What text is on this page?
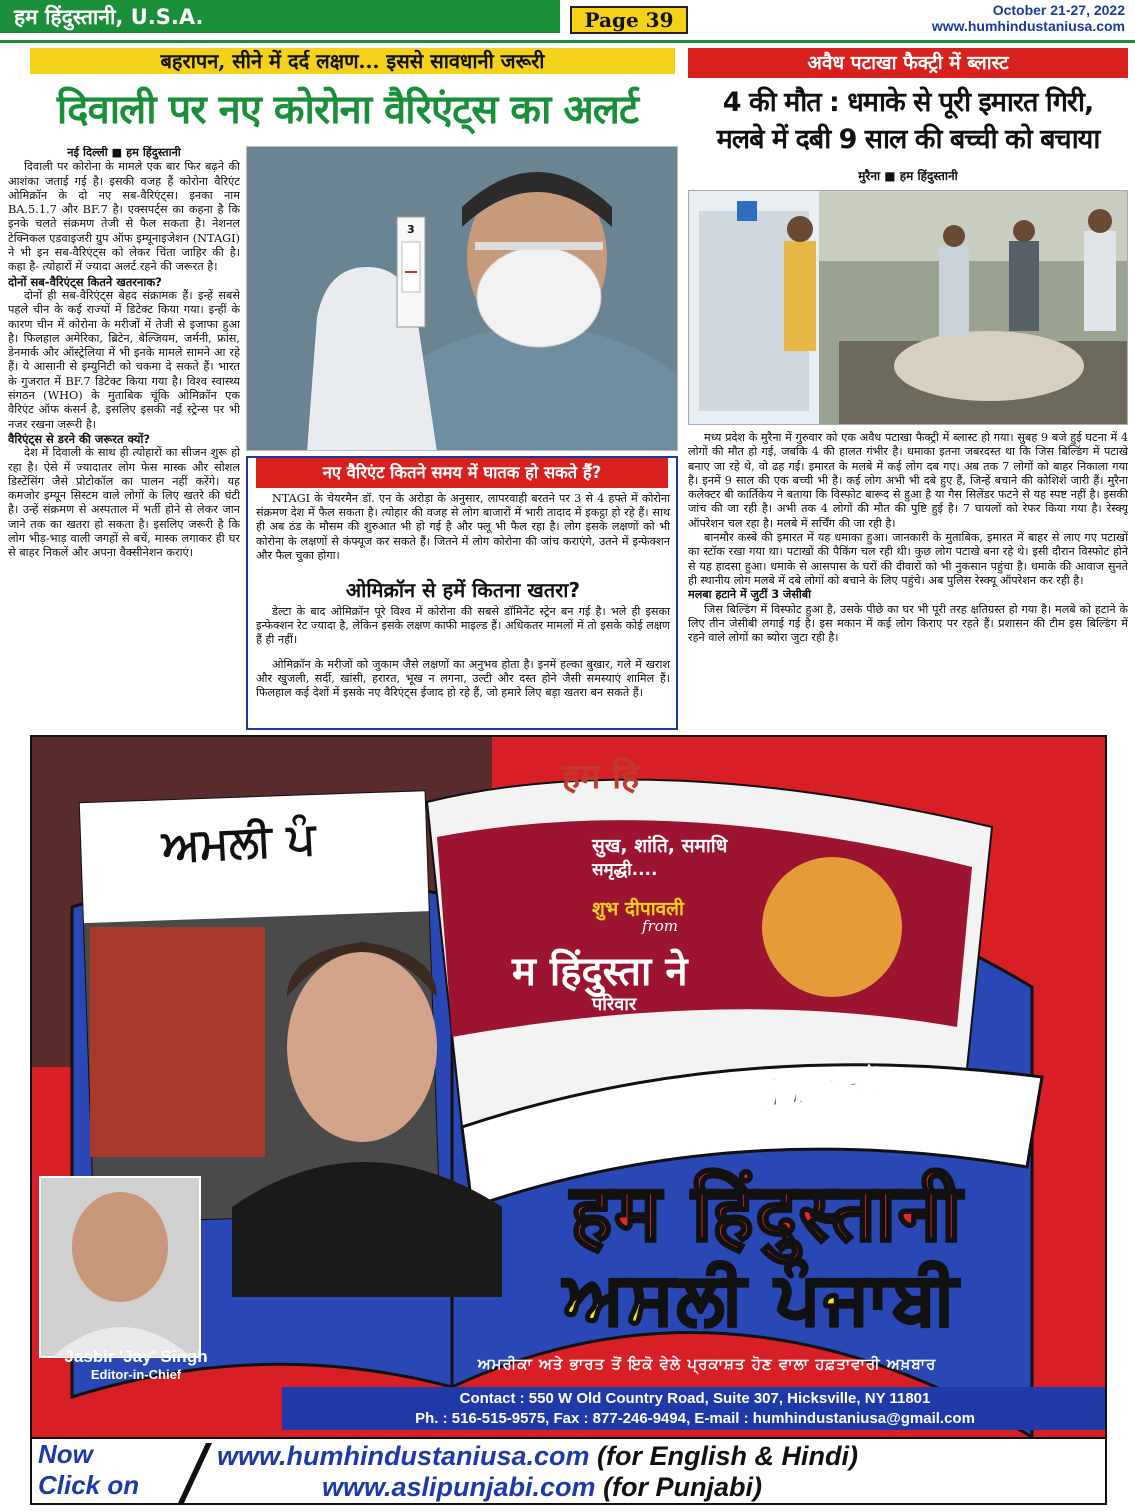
हम हिंदुस्तानी, U.S.A.	Page 39	October 21-27, 2022
www.humhindustaniusa.com
बहरापन, सीने में दर्द लक्षण... इससे सावधानी जरूरी
दिवाली पर नए कोरोना वैरिएंट्स का अलर्ट

नई दिल्ली ■ हम हिंदुस्तानी

दिवाली पर कोरोना के मामले एक बार फिर बढ़ने की आशंका जताई गई है। इसकी वजह हैं कोरोना वैरिएंट ओमिक्रॉन के दो नए सब-वैरिएंट्स। इनका नाम BA.5.1.7 और BF.7 है। एक्सपर्ट्स का कहना है कि इनके चलते संक्रमण तेजी से फैल सकता है। नेशनल टेक्निकल एडवाइजरी ग्रुप ऑफ इम्यूनाइजेशन (NTAGI) ने भी इन सब-वैरिएंट्स को लेकर चिंता जाहिर की है। कहा है- त्योहारों में ज्यादा अलर्ट रहने की जरूरत है।

दोनों सब-वैरिएंट्स कितने खतरनाक?

दोनों ही सब-वैरिएंट्स बेहद संक्रामक हैं। इन्हें सबसे पहले चीन के कई राज्यों में डिटेक्ट किया गया। इन्हीं के कारण चीन में कोरोना के मरीजों में तेजी से इजाफा हुआ है। फिलहाल अमेरिका, ब्रिटेन, बेल्जियम, जर्मनी, फ्रांस, डेनमार्क और ऑस्ट्रेलिया में भी इनके मामले सामने आ रहे हैं। ये आसानी से इम्युनिटी को चकमा दे सकते हैं। भारत के गुजरात में BF.7 डिटेक्ट किया गया है। विश्व स्वास्थ्य संगठन (WHO) के मुताबिक चूंकि ओमिक्रॉन एक वैरिएंट ऑफ कंसर्न है, इसलिए इसकी नई स्ट्रेन्स पर भी नजर रखना जरूरी है।

वैरिएंट्स से डरने की जरूरत क्यों?

देश में दिवाली के साथ ही त्योहारों का सीजन शुरू हो रहा है। ऐसे में ज्यादातर लोग फेस मास्क और सोशल डिस्टेंसिंग जैसे प्रोटोकॉल का पालन नहीं करेंगे। यह कमजोर इम्यून सिस्टम वाले लोगों के लिए खतरे की घंटी है। उन्हें संक्रमण से अस्पताल में भर्ती होने से लेकर जान जाने तक का खतरा हो सकता है। इसलिए जरूरी है कि लोग भीड़-भाड़ वाली जगहों से बचें, मास्क लगाकर ही घर से बाहर निकलें और अपना वैक्सीनेशन कराएं।

3
नए वैरिएंट कितने समय में घातक हो सकते हैं?
NTAGI के चेयरमैन डॉ. एन के अरोड़ा के अनुसार, लापरवाही बरतने पर 3 से 4 हफ्ते में कोरोना संक्रमण देश में फैल सकता है। त्योहार की वजह से लोग बाजारों में भारी तादाद में इकट्ठा हो रहे हैं। साथ ही अब ठंड के मौसम की शुरुआत भी हो गई है और फ्लू भी फैल रहा है। लोग इसके लक्षणों को भी कोरोना के लक्षणों से कंफ्यूज कर सकते हैं। जितने में लोग कोरोना की जांच कराएंगे, उतने में इन्फेक्शन और फैल चुका होगा।
ओमिक्रॉन से हमें कितना खतरा?
डेल्टा के बाद ओमिक्रॉन पूरे विश्व में कोरोना की सबसे डॉमिनेंट स्ट्रेन बन गई है। भले ही इसका इन्फेक्शन रेट ज्यादा है, लेकिन इसके लक्षण काफी माइल्ड हैं। अधिकतर मामलों में तो इसके कोई लक्षण हैं ही नहीं।
ओमिक्रॉन के मरीजों को जुकाम जैसे लक्षणों का अनुभव होता है। इनमें हल्का बुखार, गले में खराश और खुजली, सर्दी, खांसी, हरारत, भूख न लगना, उल्टी और दस्त होने जैसी समस्याएं शामिल हैं। फिलहाल कई देशों में इसके नए वैरिएंट्स ईजाद हो रहे हैं, जो हमारे लिए बड़ा खतरा बन सकते हैं।
अवैध पटाखा फैक्ट्री में ब्लास्ट
4 की मौत : धमाके से पूरी इमारत गिरी,
मलबे में दबी 9 साल की बच्ची को बचाया
मुरैना ■ हम हिंदुस्तानी

मध्य प्रदेश के मुरैना में गुरुवार को एक अवैध पटाखा फैक्ट्री में ब्लास्ट हो गया। सुबह 9 बजे हुई घटना में 4 लोगों की मौत हो गई, जबकि 4 की हालत गंभीर है। धमाका इतना जबरदस्त था कि जिस बिल्डिंग में पटाखे बनाए जा रहे थे, वो ढह गई। इमारत के मलबे में कई लोग दब गए। अब तक 7 लोगों को बाहर निकाला गया है। इनमें 9 साल की एक बच्ची भी है। कई लोग अभी भी दबे हुए हैं, जिन्हें बचाने की कोशिशें जारी हैं। मुरैना कलेक्टर बी कार्तिकेय ने बताया कि विस्फोट बारूद से हुआ है या गैस सिलेंडर फटने से यह स्पष्ट नहीं है। इसकी जांच की जा रही है। अभी तक 4 लोगों की मौत की पुष्टि हुई है। 7 घायलों को रेफर किया गया है। रेस्क्यू ऑपरेशन चल रहा है। मलबे में सर्चिंग की जा रही है।

बानमौर कस्बे की इमारत में यह धमाका हुआ। जानकारी के मुताबिक, इमारत में बाहर से लाए गए पटाखों का स्टॉक रखा गया था। पटाखों की पैकिंग चल रही थी। कुछ लोग पटाखे बना रहे थे। इसी दौरान विस्फोट होने से यह हादसा हुआ। धमाके से आसपास के घरों की दीवारों को भी नुकसान पहुंचा है। धमाके की आवाज सुनते ही स्थानीय लोग मलबे में दबे लोगों को बचाने के लिए पहुंचे। अब पुलिस रेस्क्यू ऑपरेशन कर रही है।

मलबा हटाने में जुटीं 3 जेसीबी

जिस बिल्डिंग में विस्फोट हुआ है, उसके पीछे का घर भी पूरी तरह क्षतिग्रस्त हो गया है। मलबे को हटाने के लिए तीन जेसीबी लगाई गई है। इस मकान में कई लोग किराए पर रहते हैं। प्रशासन की टीम इस बिल्डिंग में रहने वाले लोगों का ब्योरा जुटा रही है।

सुख, शांति, समाधि
समृद्धी....
शुभ दीपावली
from
म हिंदुस्ता ने
परिवार
ਅਮਲੀ ਪੰ
हम हि
ਹਮੇਸ਼ਾ ਪੜ੍ਹੋ
हम हिंदुस्तानी
ਅਸਲੀ ਪੰਜਾਬੀ
ਅਮਰੀਕਾ ਅਤੇ ਭਾਰਤ ਤੋਂ ਇਕੋ ਵੇਲੇ ਪ੍ਰਕਾਸ਼ਤ ਹੋਣ ਵਾਲਾ ਹਫ਼ਤਾਵਾਰੀ ਅਖ਼ਬਾਰ
Jasbir 'Jay' Singh
Editor-in-Chief
Contact : 550 W Old Country Road, Suite 307, Hicksville, NY 11801
Ph. : 516-515-9575, Fax : 877-246-9494, E-mail : humhindustaniusa@gmail.com
Now
Click on
www.humhindustaniusa.com (for English & Hindi)
www.aslipunjabi.com (for Punjabi)
